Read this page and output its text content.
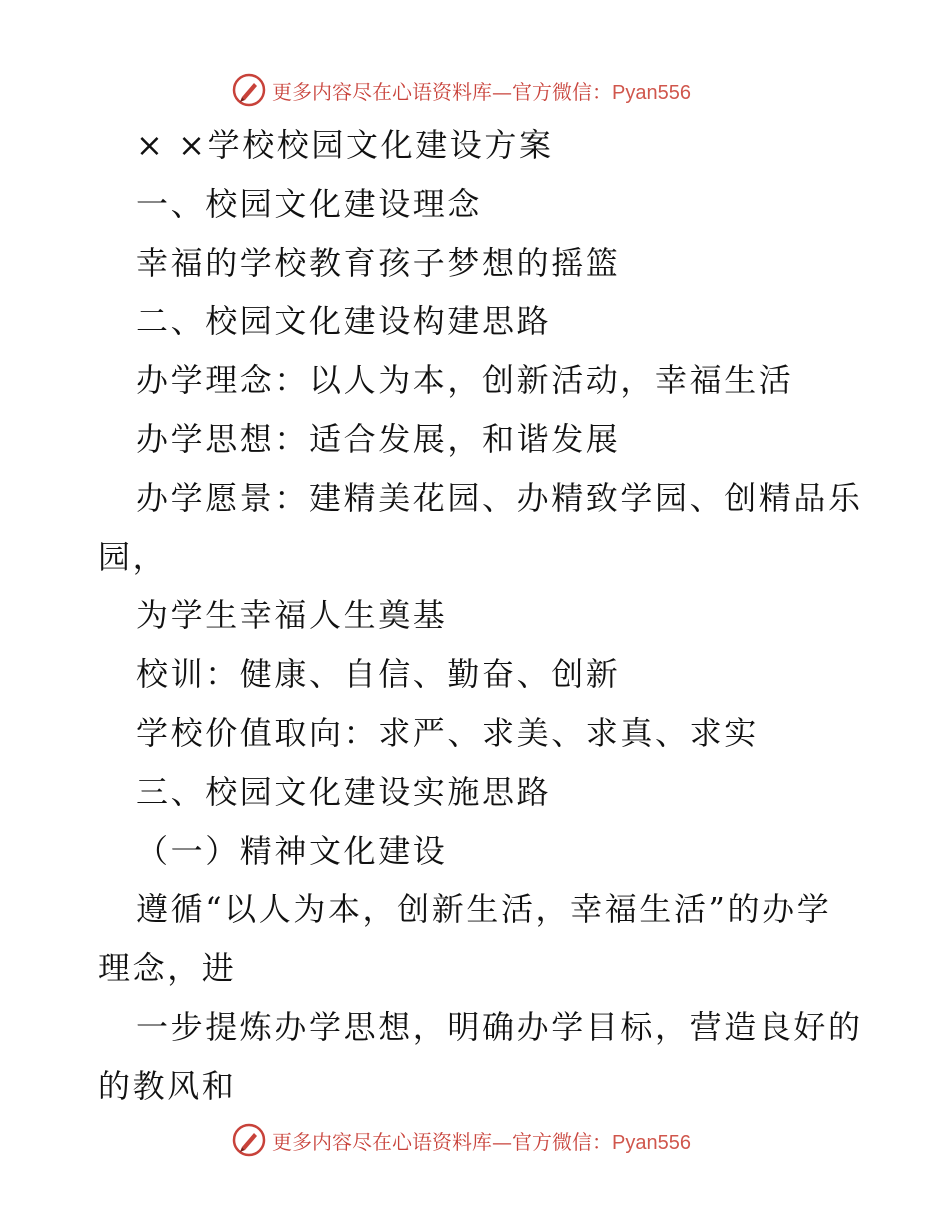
更多内容尽在心语资料库—官方微信：Pyan556
× ×学校校园文化建设方案
一、校园文化建设理念
幸福的学校教育孩子梦想的摇篮
二、校园文化建设构建思路
办学理念：以人为本，创新活动，幸福生活
办学思想：适合发展，和谐发展
办学愿景：建精美花园、办精致学园、创精品乐
园，
为学生幸福人生奠基
校训：健康、自信、勤奋、创新
学校价值取向：求严、求美、求真、求实
三、校园文化建设实施思路
（一）精神文化建设
遵循“以人为本，创新生活，幸福生活”的办学
理念，进
一步提炼办学思想，明确办学目标，营造良好的
的教风和
更多内容尽在心语资料库—官方微信：Pyan556
